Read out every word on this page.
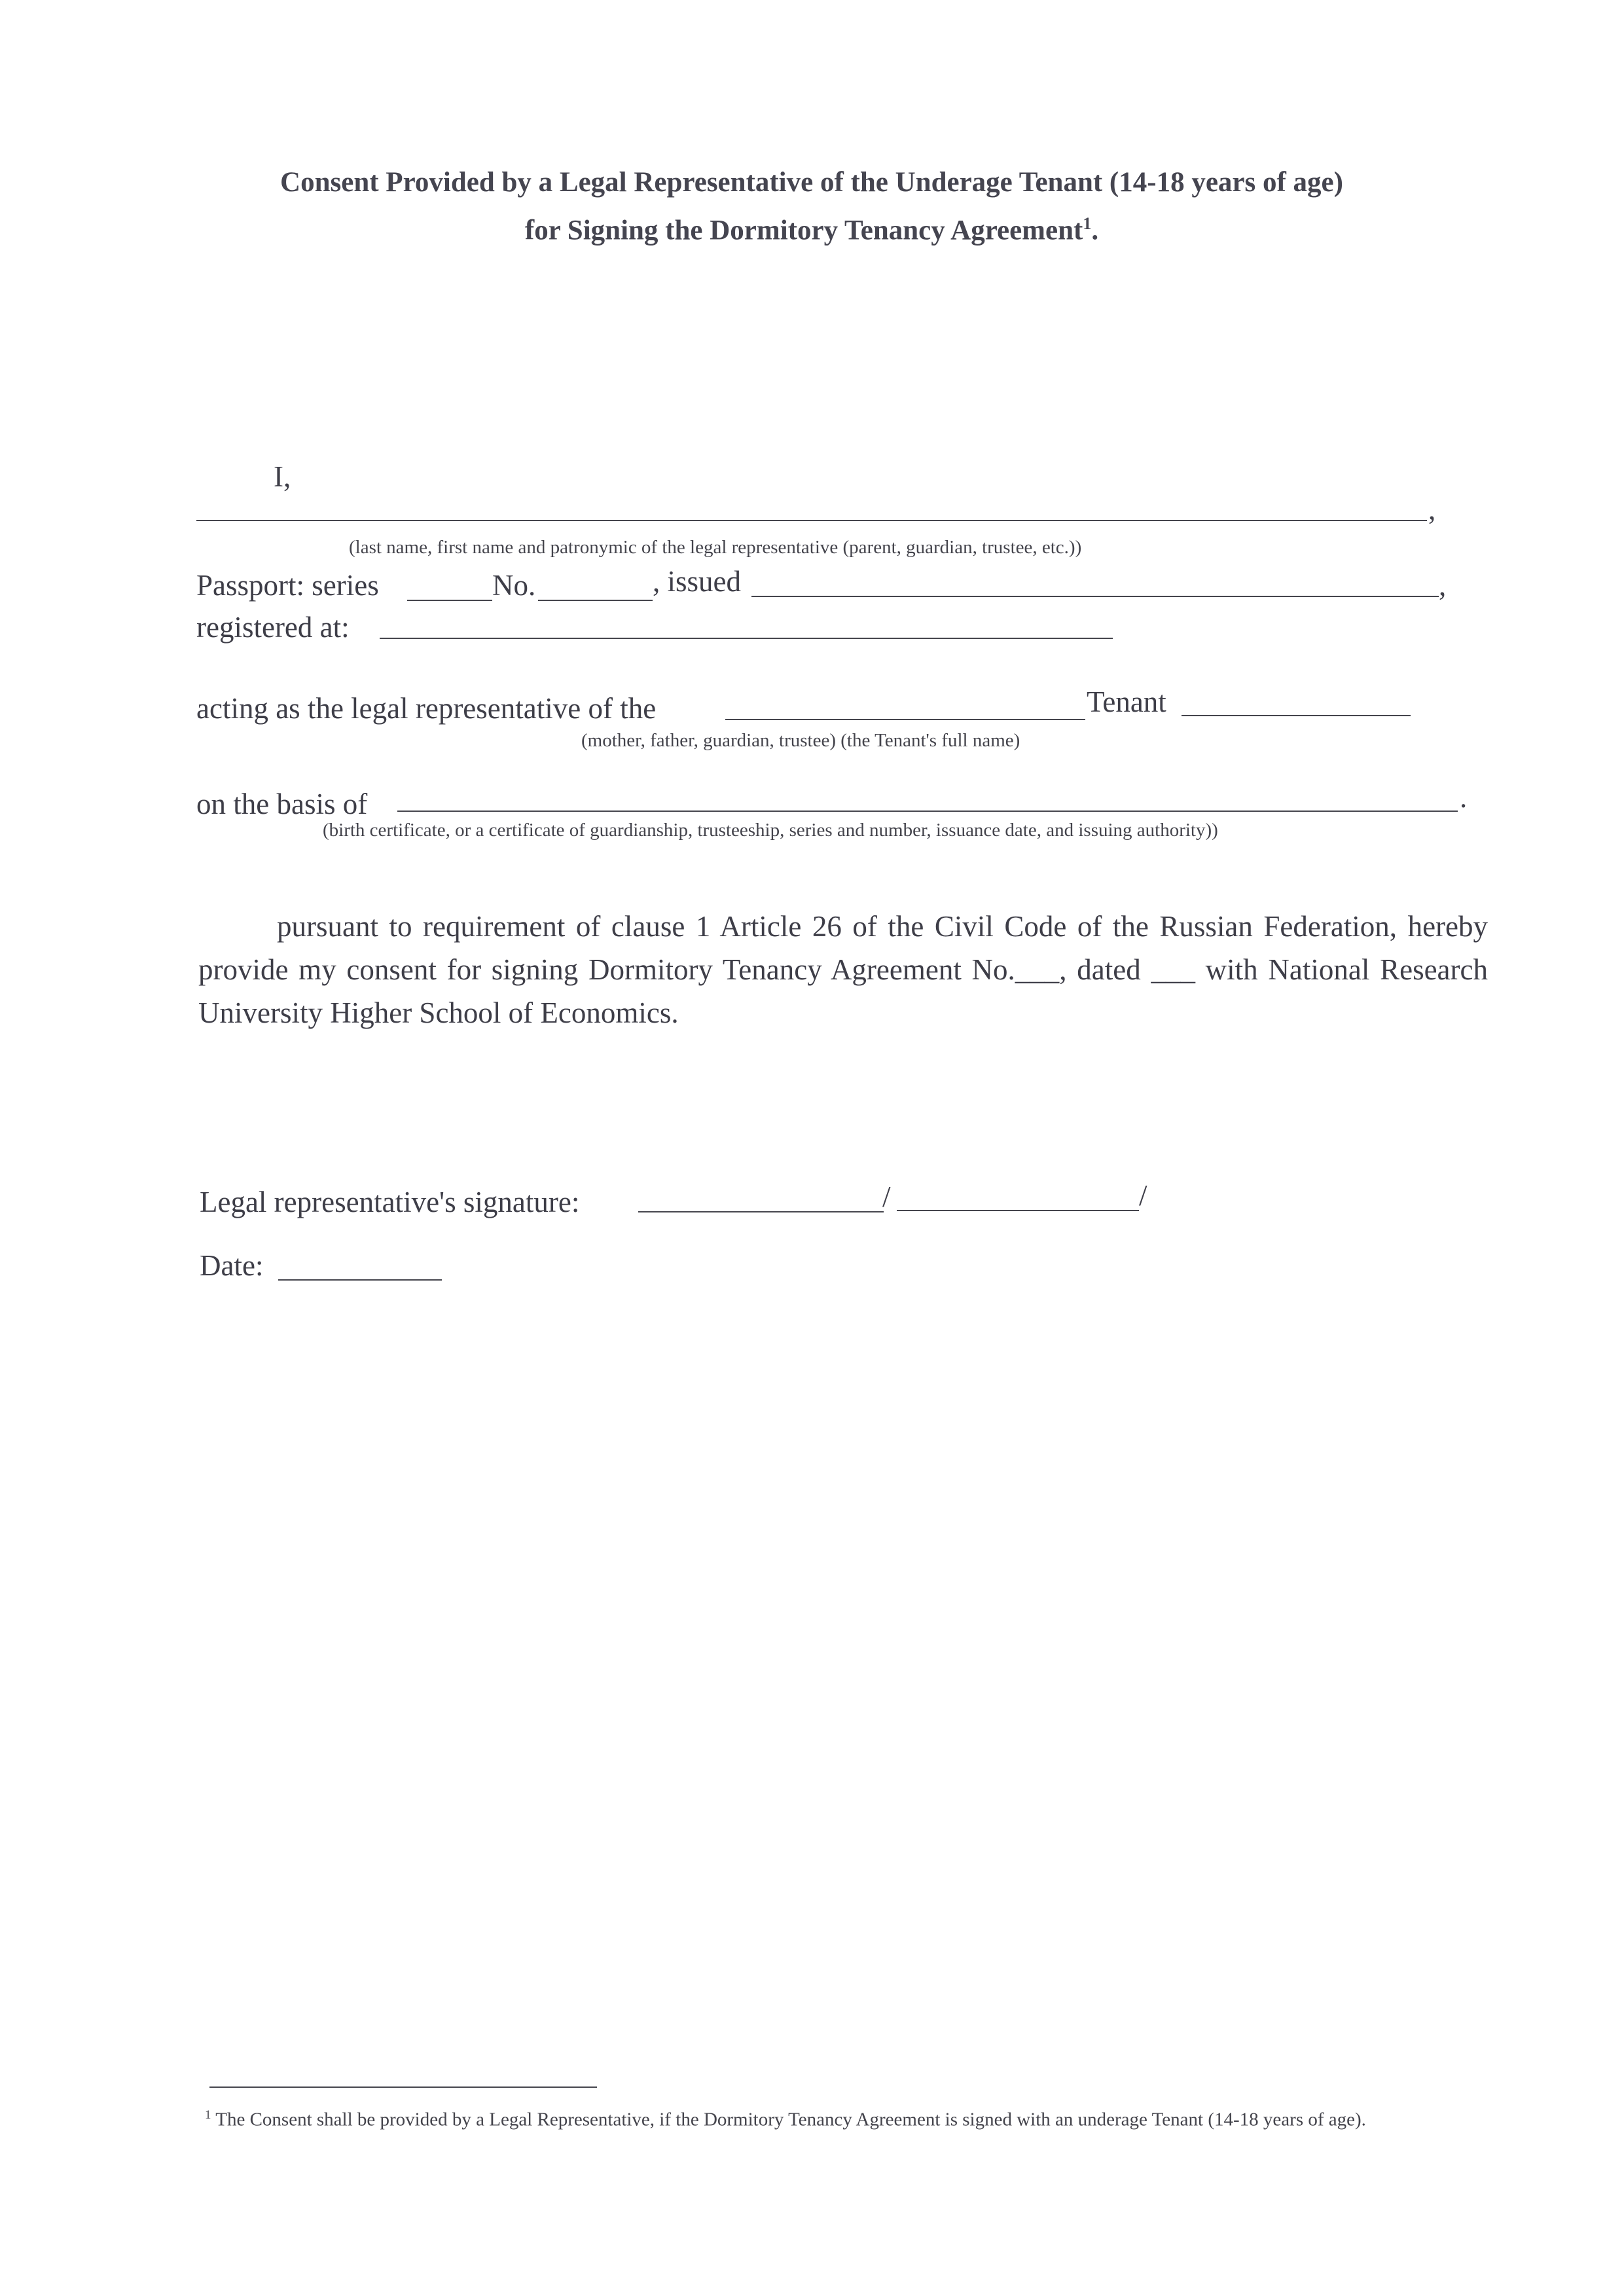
Consent Provided by a Legal Representative of the Underage Tenant (14-18 years of age)
for Signing the Dormitory Tenancy Agreement$^1$.
I,
,
(last name, first name and patronymic of the legal representative (parent, guardian, trustee, etc.))
Passport: series	No.	, issued	,
registered at:
acting as the legal representative of the	Tenant
(mother, father, guardian, trustee) (the Tenant's full name)
on the basis of	.
(birth certificate, or a certificate of guardianship, trusteeship, series and number, issuance date, and issuing authority))
pursuant to requirement of clause 1 Article 26 of the Civil Code of the Russian Federation, hereby provide my consent for signing Dormitory Tenancy Agreement No.___, dated ___ with National Research University Higher School of Economics.
Legal representative's signature:	/	/
Date:
$^1$ The Consent shall be provided by a Legal Representative, if the Dormitory Tenancy Agreement is signed with an underage Tenant (14-18 years of age).
